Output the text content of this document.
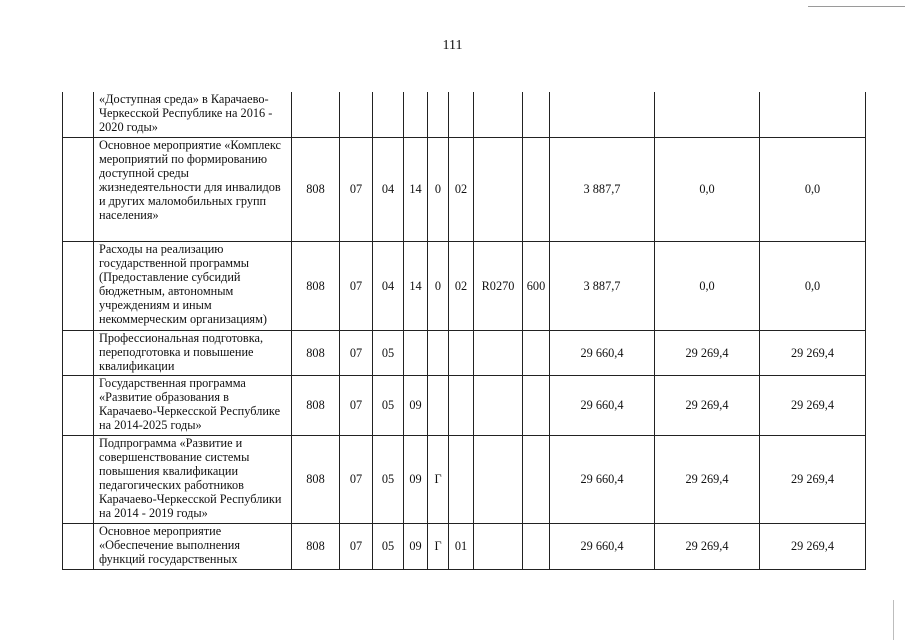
111
	«Доступная среда» в Карачаево-Черкесской Республике на 2016 - 2020 годы»											
	Основное мероприятие «Комплекс мероприятий по формированию доступной среды жизнедеятельности для инвалидов и других маломобильных групп населения»	808	07	04	14	0	02			3 887,7	0,0	0,0
	Расходы на реализацию государственной программы (Предоставление субсидий бюджетным, автономным учреждениям и иным некоммерческим организациям)	808	07	04	14	0	02	R0270	600	3 887,7	0,0	0,0
	Профессиональная подготовка, переподготовка и повышение квалификации	808	07	05						29 660,4	29 269,4	29 269,4
	Государственная программа «Развитие образования в Карачаево-Черкесской Республике на 2014-2025 годы»	808	07	05	09					29 660,4	29 269,4	29 269,4
	Подпрограмма «Развитие и совершенствование системы повышения квалификации педагогических работников Карачаево-Черкесской Республики на 2014 - 2019 годы»	808	07	05	09	Г				29 660,4	29 269,4	29 269,4
	Основное мероприятие «Обеспечение выполнения функций государственных	808	07	05	09	Г	01			29 660,4	29 269,4	29 269,4
